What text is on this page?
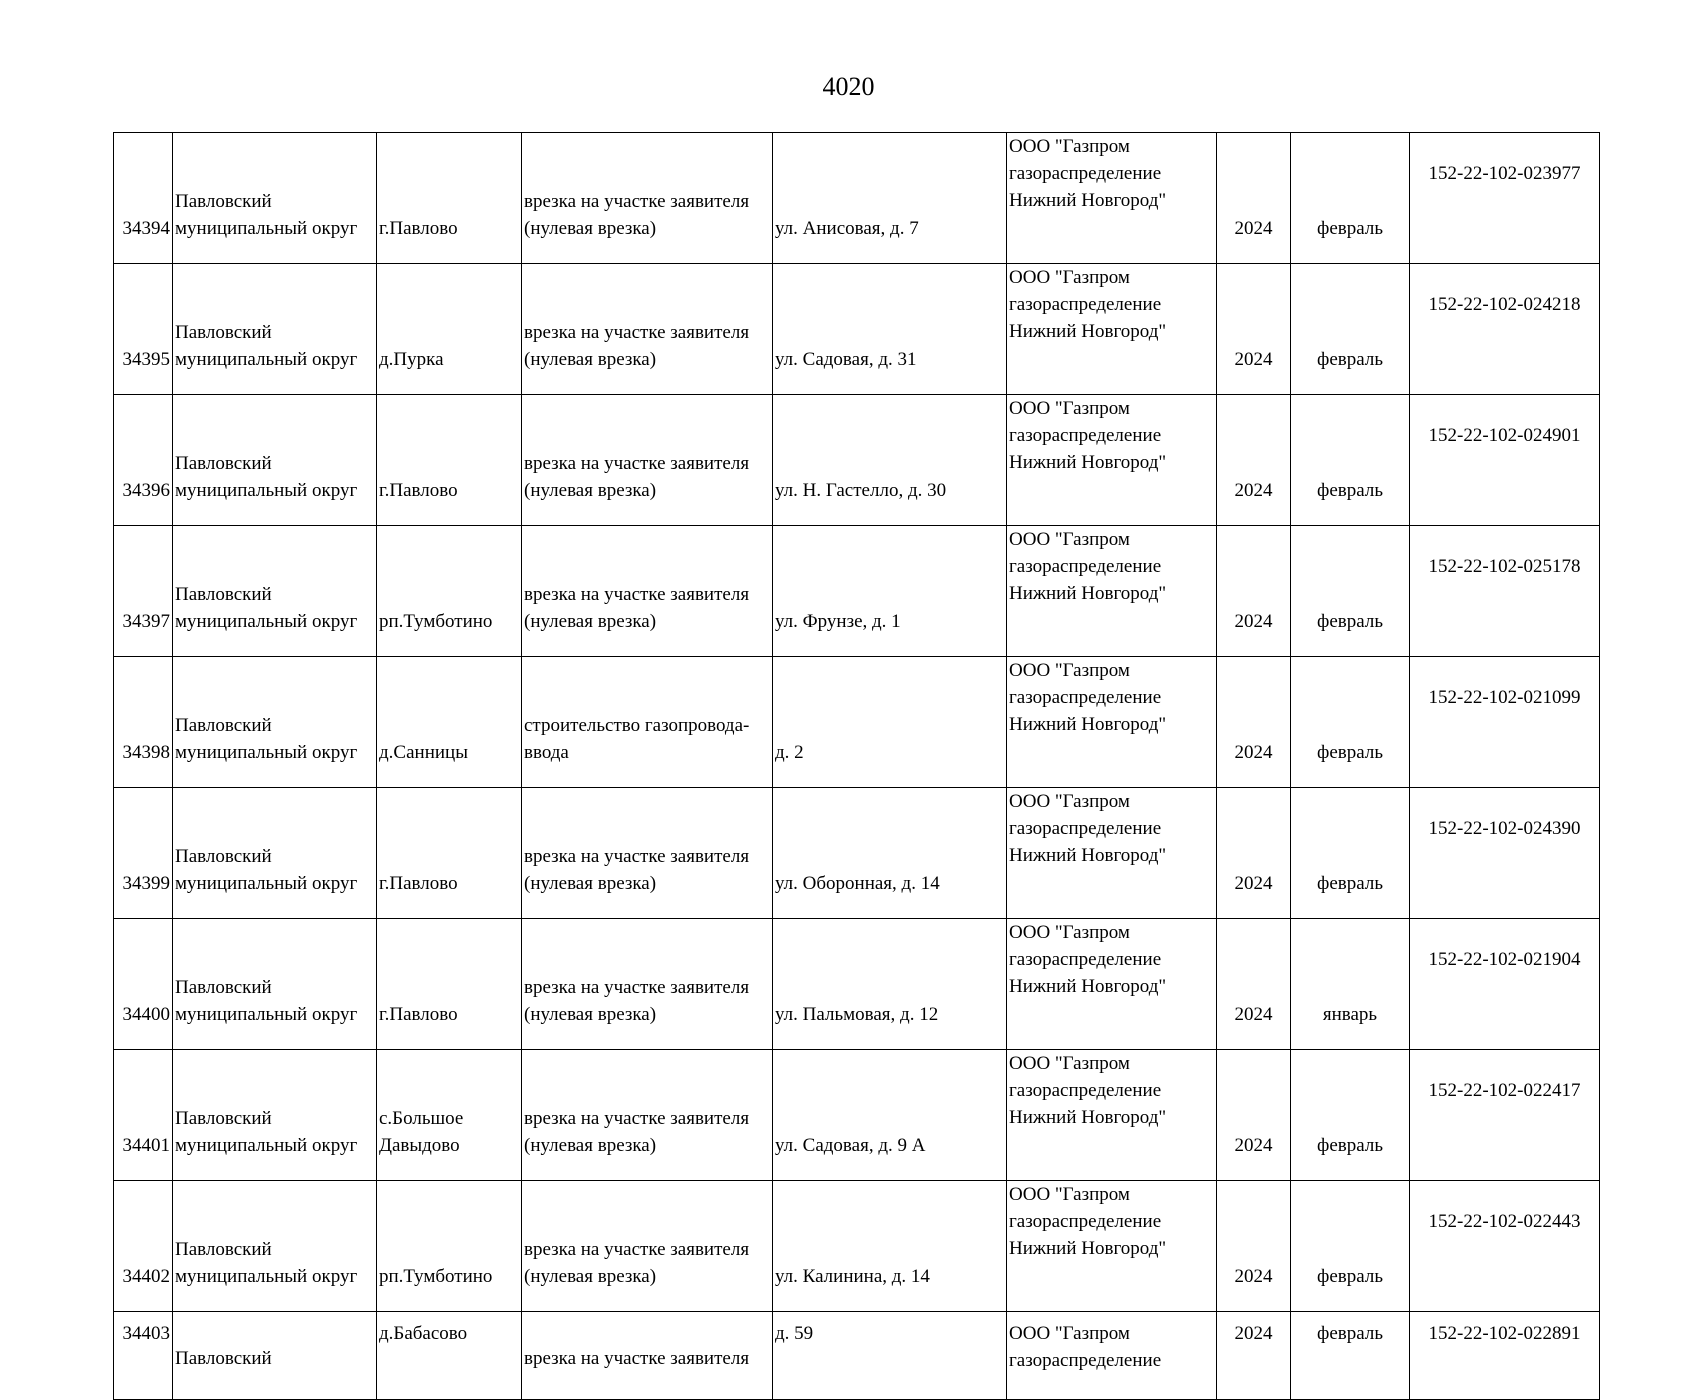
4020
34394	Павловский
муниципальный округ	г.Павлово	врезка на участке заявителя
(нулевая врезка)	ул. Анисовая, д. 7	ООО "Газпром
газораспределение
Нижний Новгород"	2024	февраль	152-22-102-023977
34395	Павловский
муниципальный округ	д.Пурка	врезка на участке заявителя
(нулевая врезка)	ул. Садовая, д. 31	ООО "Газпром
газораспределение
Нижний Новгород"	2024	февраль	152-22-102-024218
34396	Павловский
муниципальный округ	г.Павлово	врезка на участке заявителя
(нулевая врезка)	ул. Н. Гастелло, д. 30	ООО "Газпром
газораспределение
Нижний Новгород"	2024	февраль	152-22-102-024901
34397	Павловский
муниципальный округ	рп.Тумботино	врезка на участке заявителя
(нулевая врезка)	ул. Фрунзе, д. 1	ООО "Газпром
газораспределение
Нижний Новгород"	2024	февраль	152-22-102-025178
34398	Павловский
муниципальный округ	д.Санницы	строительство газопровода-
ввода	д. 2	ООО "Газпром
газораспределение
Нижний Новгород"	2024	февраль	152-22-102-021099
34399	Павловский
муниципальный округ	г.Павлово	врезка на участке заявителя
(нулевая врезка)	ул. Оборонная, д. 14	ООО "Газпром
газораспределение
Нижний Новгород"	2024	февраль	152-22-102-024390
34400	Павловский
муниципальный округ	г.Павлово	врезка на участке заявителя
(нулевая врезка)	ул. Пальмовая, д. 12	ООО "Газпром
газораспределение
Нижний Новгород"	2024	январь	152-22-102-021904
34401	Павловский
муниципальный округ	с.Большое
Давыдово	врезка на участке заявителя
(нулевая врезка)	ул. Садовая, д. 9 А	ООО "Газпром
газораспределение
Нижний Новгород"	2024	февраль	152-22-102-022417
34402	Павловский
муниципальный округ	рп.Тумботино	врезка на участке заявителя
(нулевая врезка)	ул. Калинина, д. 14	ООО "Газпром
газораспределение
Нижний Новгород"	2024	февраль	152-22-102-022443
34403	Павловский	д.Бабасово	врезка на участке заявителя	д. 59	ООО "Газпром
газораспределение	2024	февраль	152-22-102-022891
